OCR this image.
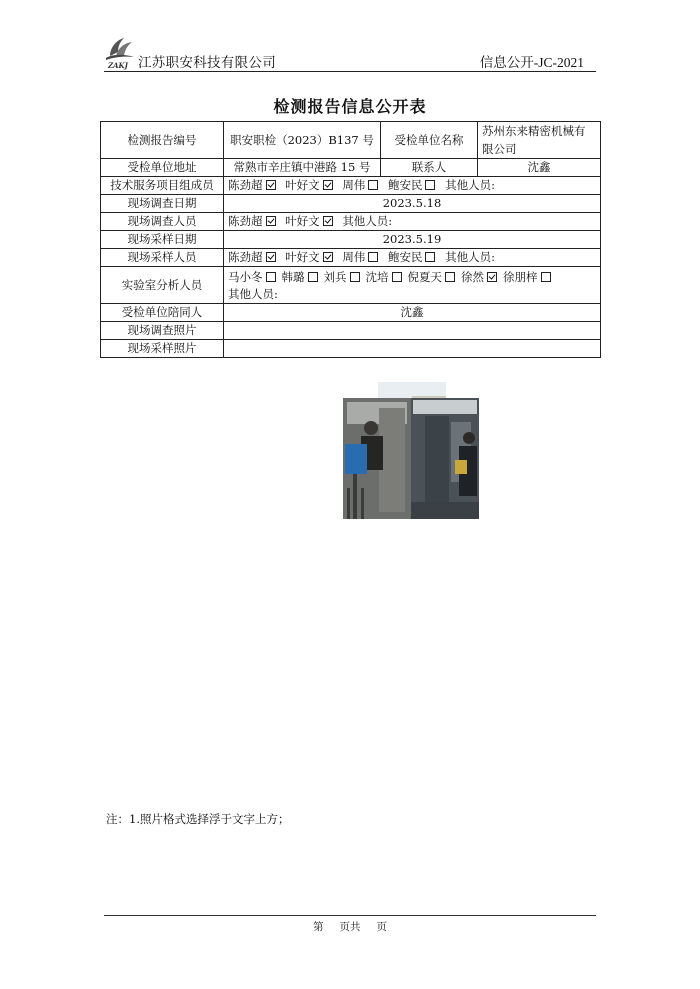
ZAKJ 江苏职安科技有限公司	信息公开-JC-2021
检测报告信息公开表
检测报告编号	职安职检（2023）B137 号	受检单位名称	苏州东来精密机械有限公司
受检单位地址	常熟市辛庄镇中港路 15 号	联系人	沈鑫
技术服务项目组成员	陈劲超 叶好文 周伟 鲍安民 其他人员:		
现场调查日期	2023.5.18		
现场调查人员	陈劲超 叶好文 其他人员:		
现场采样日期	2023.5.19		
现场采样人员	陈劲超 叶好文 周伟 鲍安民 其他人员:		
实验室分析人员	马小冬 韩璐 刘兵 沈培 倪夏天 徐然 徐朋梓
其他人员:		
受检单位陪同人	沈鑫		
现场调查照片	

现场采样照片	
注：1.照片格式选择浮于文字上方；
第 页共 页
